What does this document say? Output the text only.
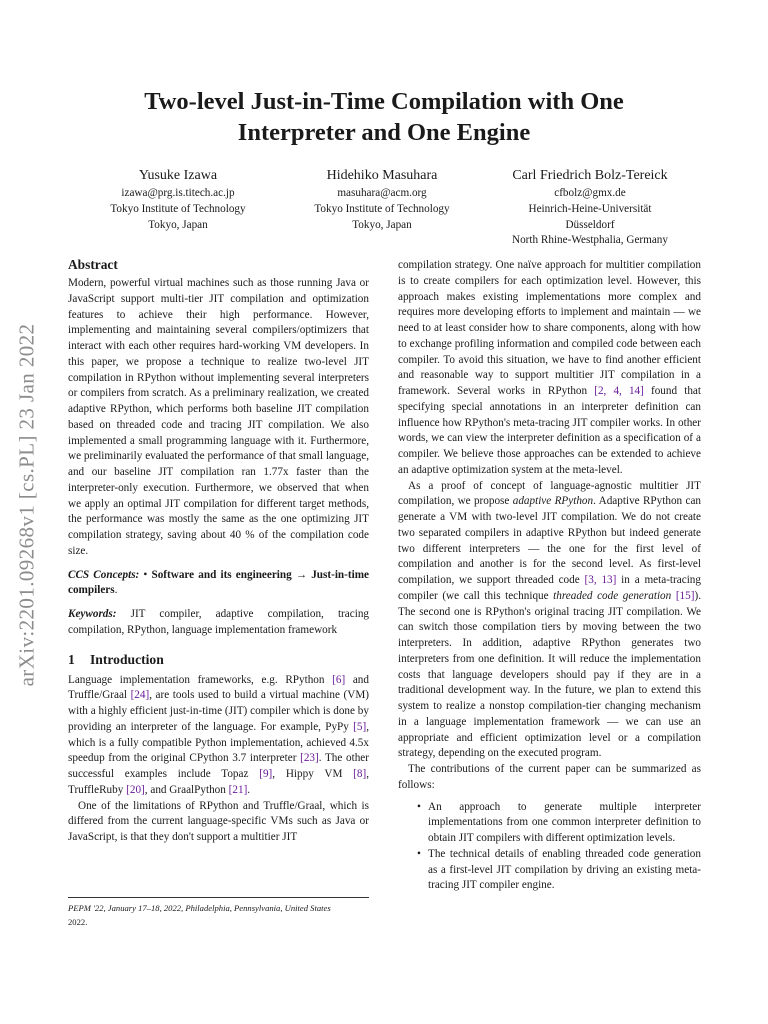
Two-level Just-in-Time Compilation with One
Interpreter and One Engine
Yusuke Izawa
izawa@prg.is.titech.ac.jp
Tokyo Institute of Technology
Tokyo, Japan
Hidehiko Masuhara
masuhara@acm.org
Tokyo Institute of Technology
Tokyo, Japan
Carl Friedrich Bolz-Tereick
cfbolz@gmx.de
Heinrich-Heine-Universität
Düsseldorf
North Rhine-Westphalia, Germany
arXiv:2201.09268v1 [cs.PL] 23 Jan 2022
Abstract

Modern, powerful virtual machines such as those running Java or JavaScript support multi-tier JIT compilation and optimization features to achieve their high performance. However, implementing and maintaining several compilers/optimizers that interact with each other requires hard-working VM developers. In this paper, we propose a technique to realize two-level JIT compilation in RPython without implementing several interpreters or compilers from scratch. As a preliminary realization, we created adaptive RPython, which performs both baseline JIT compilation based on threaded code and tracing JIT compilation. We also implemented a small programming language with it. Furthermore, we preliminarily evaluated the performance of that small language, and our baseline JIT compilation ran 1.77x faster than the interpreter-only execution. Furthermore, we observed that when we apply an optimal JIT compilation for different target methods, the performance was mostly the same as the one optimizing JIT compilation strategy, saving about 40 % of the compilation code size.

CCS Concepts: • Software and its engineering → Just-in-time compilers.

Keywords: JIT compiler, adaptive compilation, tracing compilation, RPython, language implementation framework

1 Introduction

Language implementation frameworks, e.g. RPython [6] and Truffle/Graal [24], are tools used to build a virtual machine (VM) with a highly efficient just-in-time (JIT) compiler which is done by providing an interpreter of the language. For example, PyPy [5], which is a fully compatible Python implementation, achieved 4.5x speedup from the original CPython 3.7 interpreter [23]. The other successful examples include Topaz [9], Hippy VM [8], TruffleRuby [20], and GraalPython [21].

One of the limitations of RPython and Truffle/Graal, which is differed from the current language-specific VMs such as Java or JavaScript, is that they don't support a multitier JIT

compilation strategy. One naïve approach for multitier compilation is to create compilers for each optimization level. However, this approach makes existing implementations more complex and requires more developing efforts to implement and maintain — we need to at least consider how to share components, along with how to exchange profiling information and compiled code between each compiler. To avoid this situation, we have to find another efficient and reasonable way to support multitier JIT compilation in a framework. Several works in RPython [2, 4, 14] found that specifying special annotations in an interpreter definition can influence how RPython's meta-tracing JIT compiler works. In other words, we can view the interpreter definition as a specification of a compiler. We believe those approaches can be extended to achieve an adaptive optimization system at the meta-level.

As a proof of concept of language-agnostic multitier JIT compilation, we propose adaptive RPython. Adaptive RPython can generate a VM with two-level JIT compilation. We do not create two separated compilers in adaptive RPython but indeed generate two different interpreters — the one for the first level of compilation and another is for the second level. As first-level compilation, we support threaded code [3, 13] in a meta-tracing compiler (we call this technique threaded code generation [15]). The second one is RPython's original tracing JIT compilation. We can switch those compilation tiers by moving between the two interpreters. In addition, adaptive RPython generates two interpreters from one definition. It will reduce the implementation costs that language developers should pay if they are in a traditional development way. In the future, we plan to extend this system to realize a nonstop compilation-tier changing mechanism in a language implementation framework — we can use an appropriate and efficient optimization level or a compilation strategy, depending on the executed program.

The contributions of the current paper can be summarized as follows:

• An approach to generate multiple interpreter implementations from one common interpreter definition to obtain JIT compilers with different optimization levels.
• The technical details of enabling threaded code generation as a first-level JIT compilation by driving an existing meta-tracing JIT compiler engine.
PEPM '22, January 17–18, 2022, Philadelphia, Pennsylvania, United States
2022.
